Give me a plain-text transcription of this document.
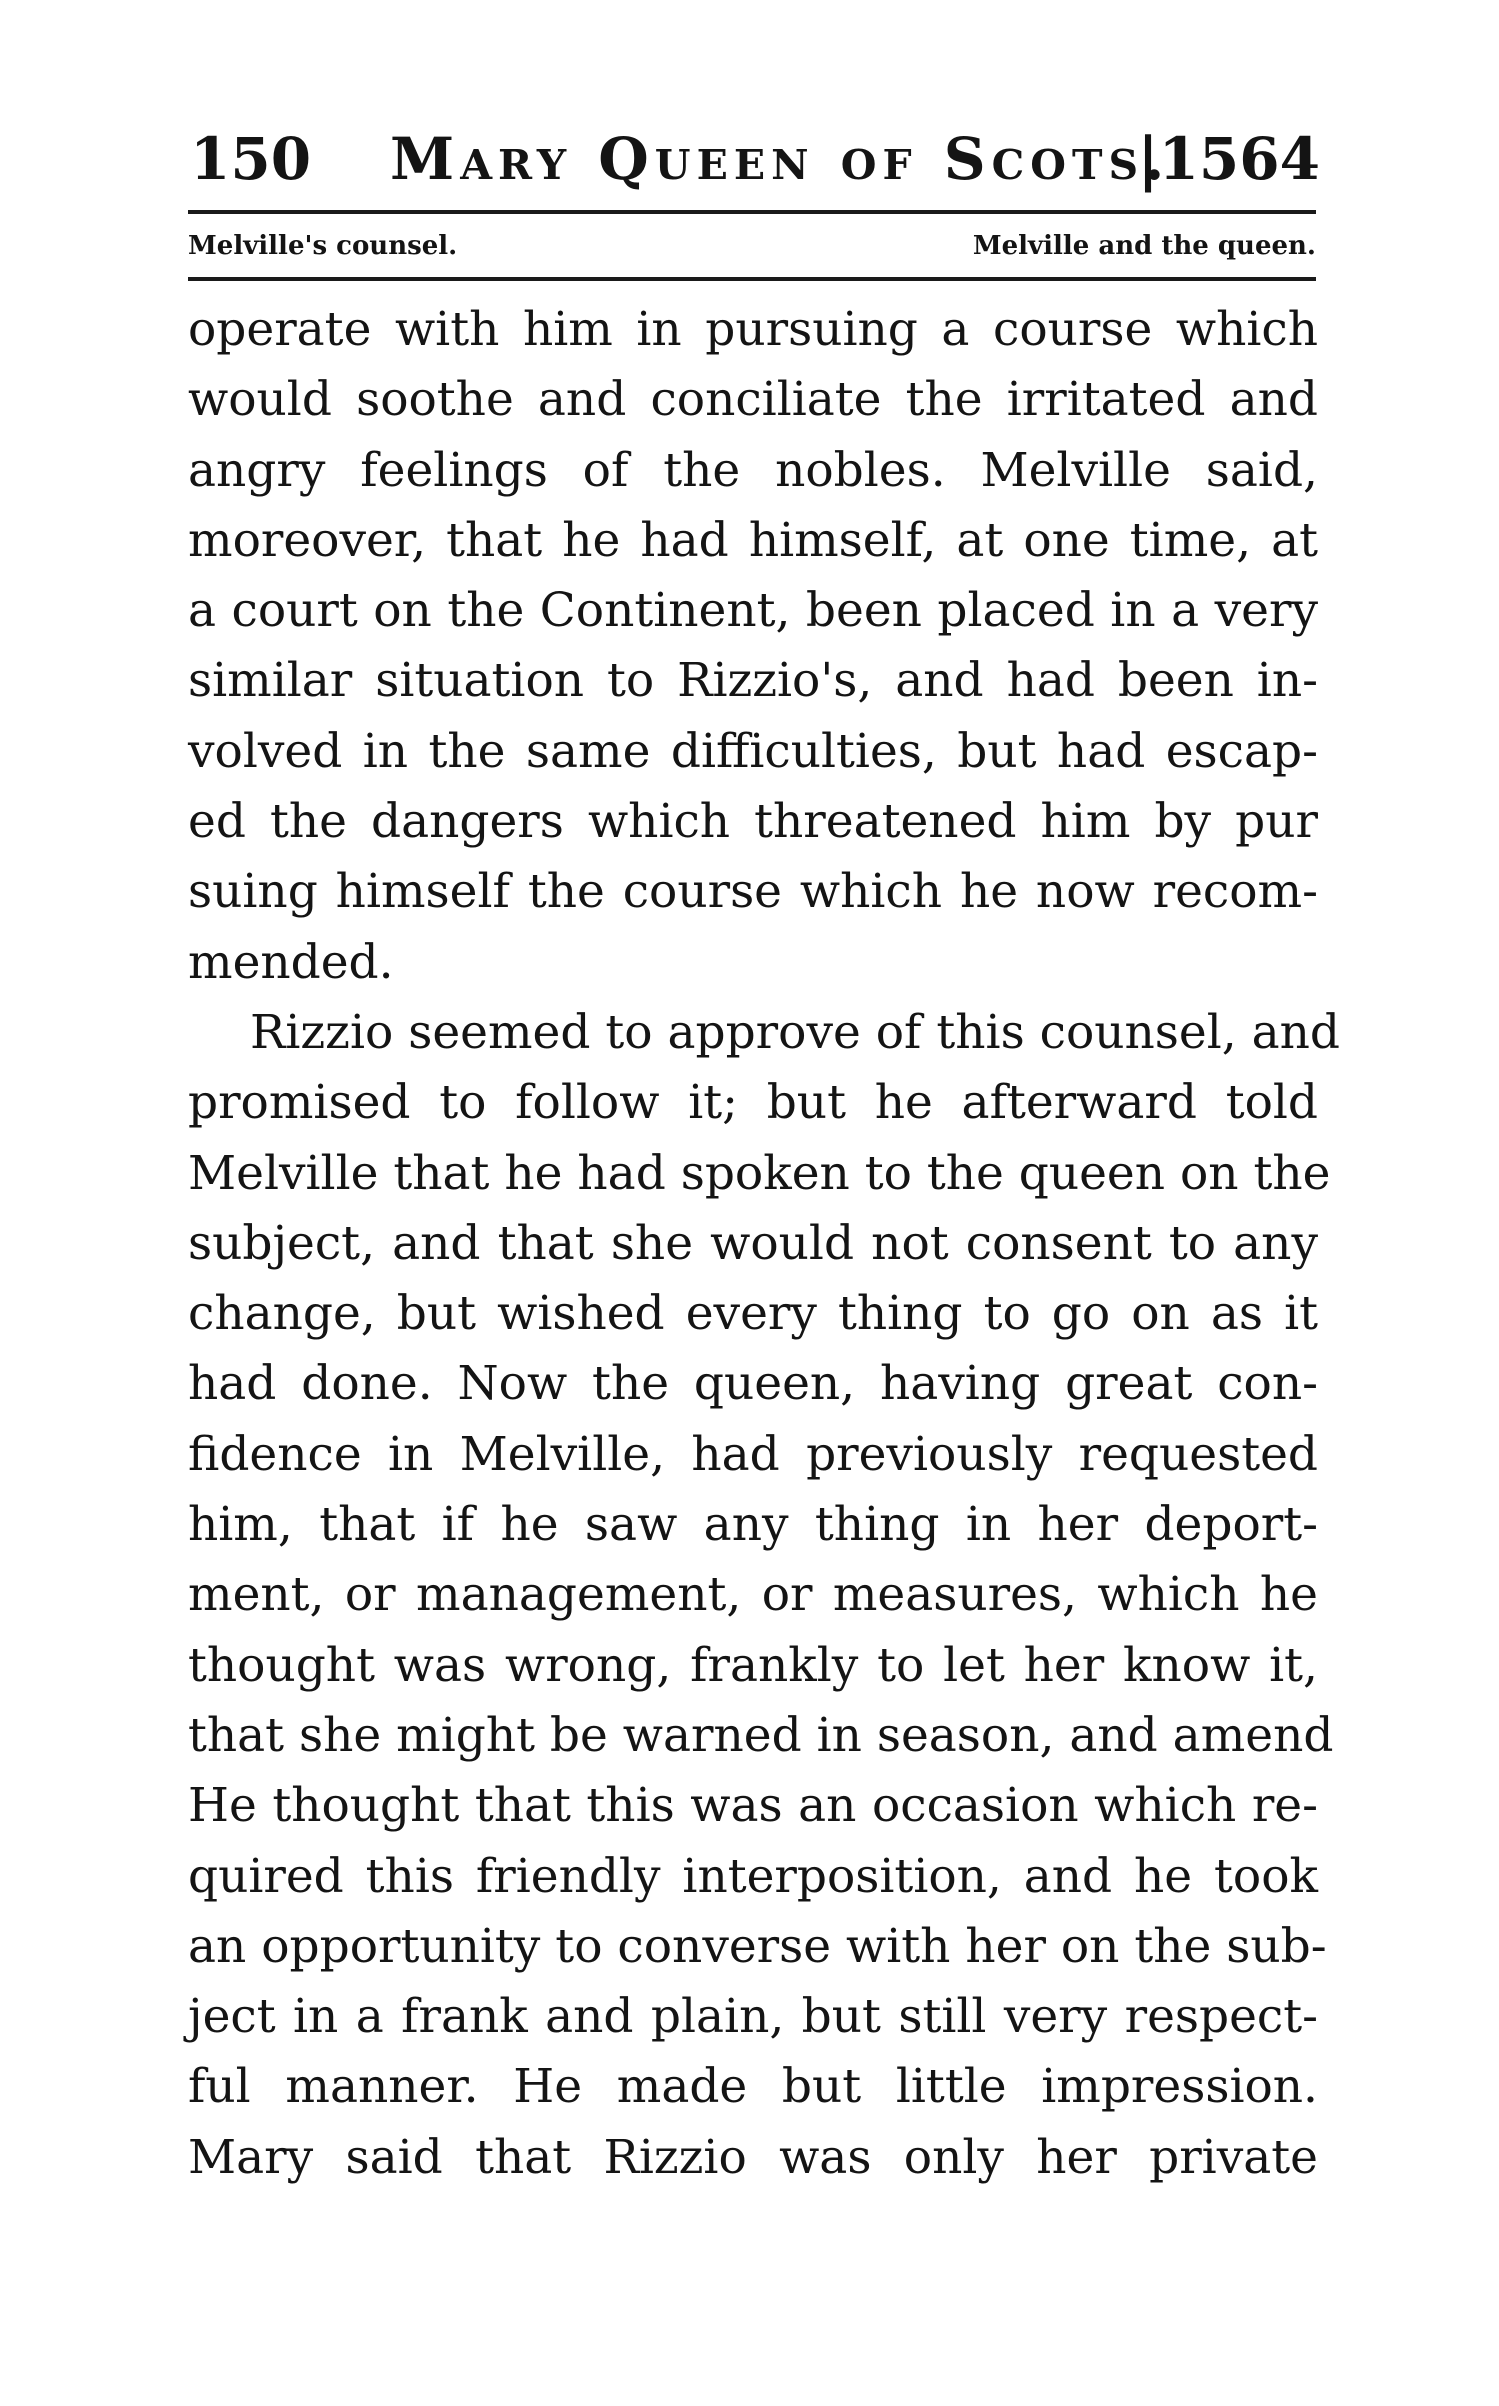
150 Mary Queen of Scots.
|1564
Melville's counsel.	Melville and the queen.
operate with him in pursuing a course which
would soothe and conciliate the irritated and
angry feelings of the nobles. Melville said,
moreover, that he had himself, at one time, at
a court on the Continent, been placed in a very
similar situation to Rizzio's, and had been in-
volved in the same difficulties, but had escap-
ed the dangers which threatened him by pur
suing himself the course which he now recom-
mended.
Rizzio seemed to approve of this counsel, and
promised to follow it; but he afterward told
Melville that he had spoken to the queen on the
subject, and that she would not consent to any
change, but wished every thing to go on as it
had done. Now the queen, having great con-
fidence in Melville, had previously requested
him, that if he saw any thing in her deport-
ment, or management, or measures, which he
thought was wrong, frankly to let her know it,
that she might be warned in season, and amend
He thought that this was an occasion which re-
quired this friendly interposition, and he took
an opportunity to converse with her on the sub-
ject in a frank and plain, but still very respect-
ful manner. He made but little impression.
Mary said that Rizzio was only her private
